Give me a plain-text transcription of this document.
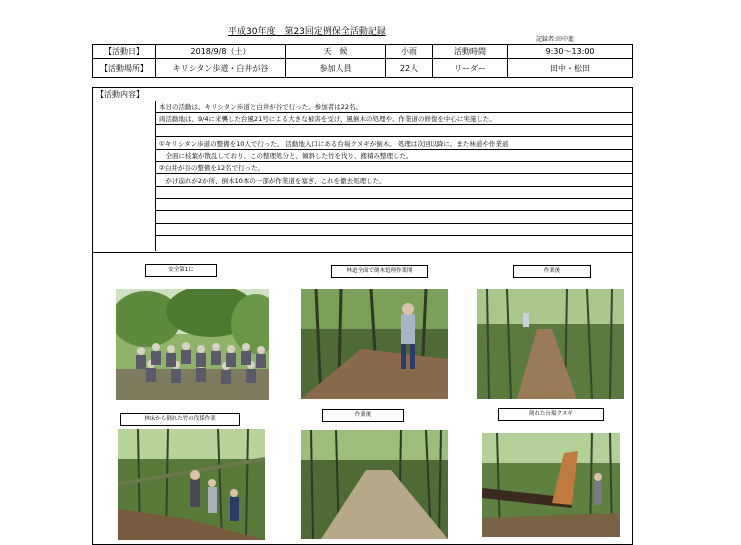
平成30年度　第23回定例保全活動記録
記録者:田中進
【活動日】	2018/9/8（土）	天　候	小雨	活動時間	9:30～13:00
【活動場所】	キリシタン歩道・白井が谷	参加人員	22人	リーダー	田中・松田
【活動内容】
本日の活動は、キリシタン歩道と白井が谷で行った。参加者は22名。
両活動地は、9/4に来襲した台風21号による大きな被害を受け、風倒木の処理や、作業道の修復を中心に実施した。
①キリシタン歩道の整備を10人で行った。 活動地入口にある台場クヌギが倒木。 処理は次回以降に。また林道や作業道
　全面に枝葉が散乱しており、この整理処分と、傾斜した竹を伐り、搬積み整理した。
②白井が谷の整備を12名で行った。
　がけ崩れが2か所、倒木10本の一部が作業道を塞ぎ、これを徹去処理した。
安全第1に	林道全面で倒木処理作業開	作業後
林床から倒れた竹の伐採作業
作業後	倒れた台場クヌギ
